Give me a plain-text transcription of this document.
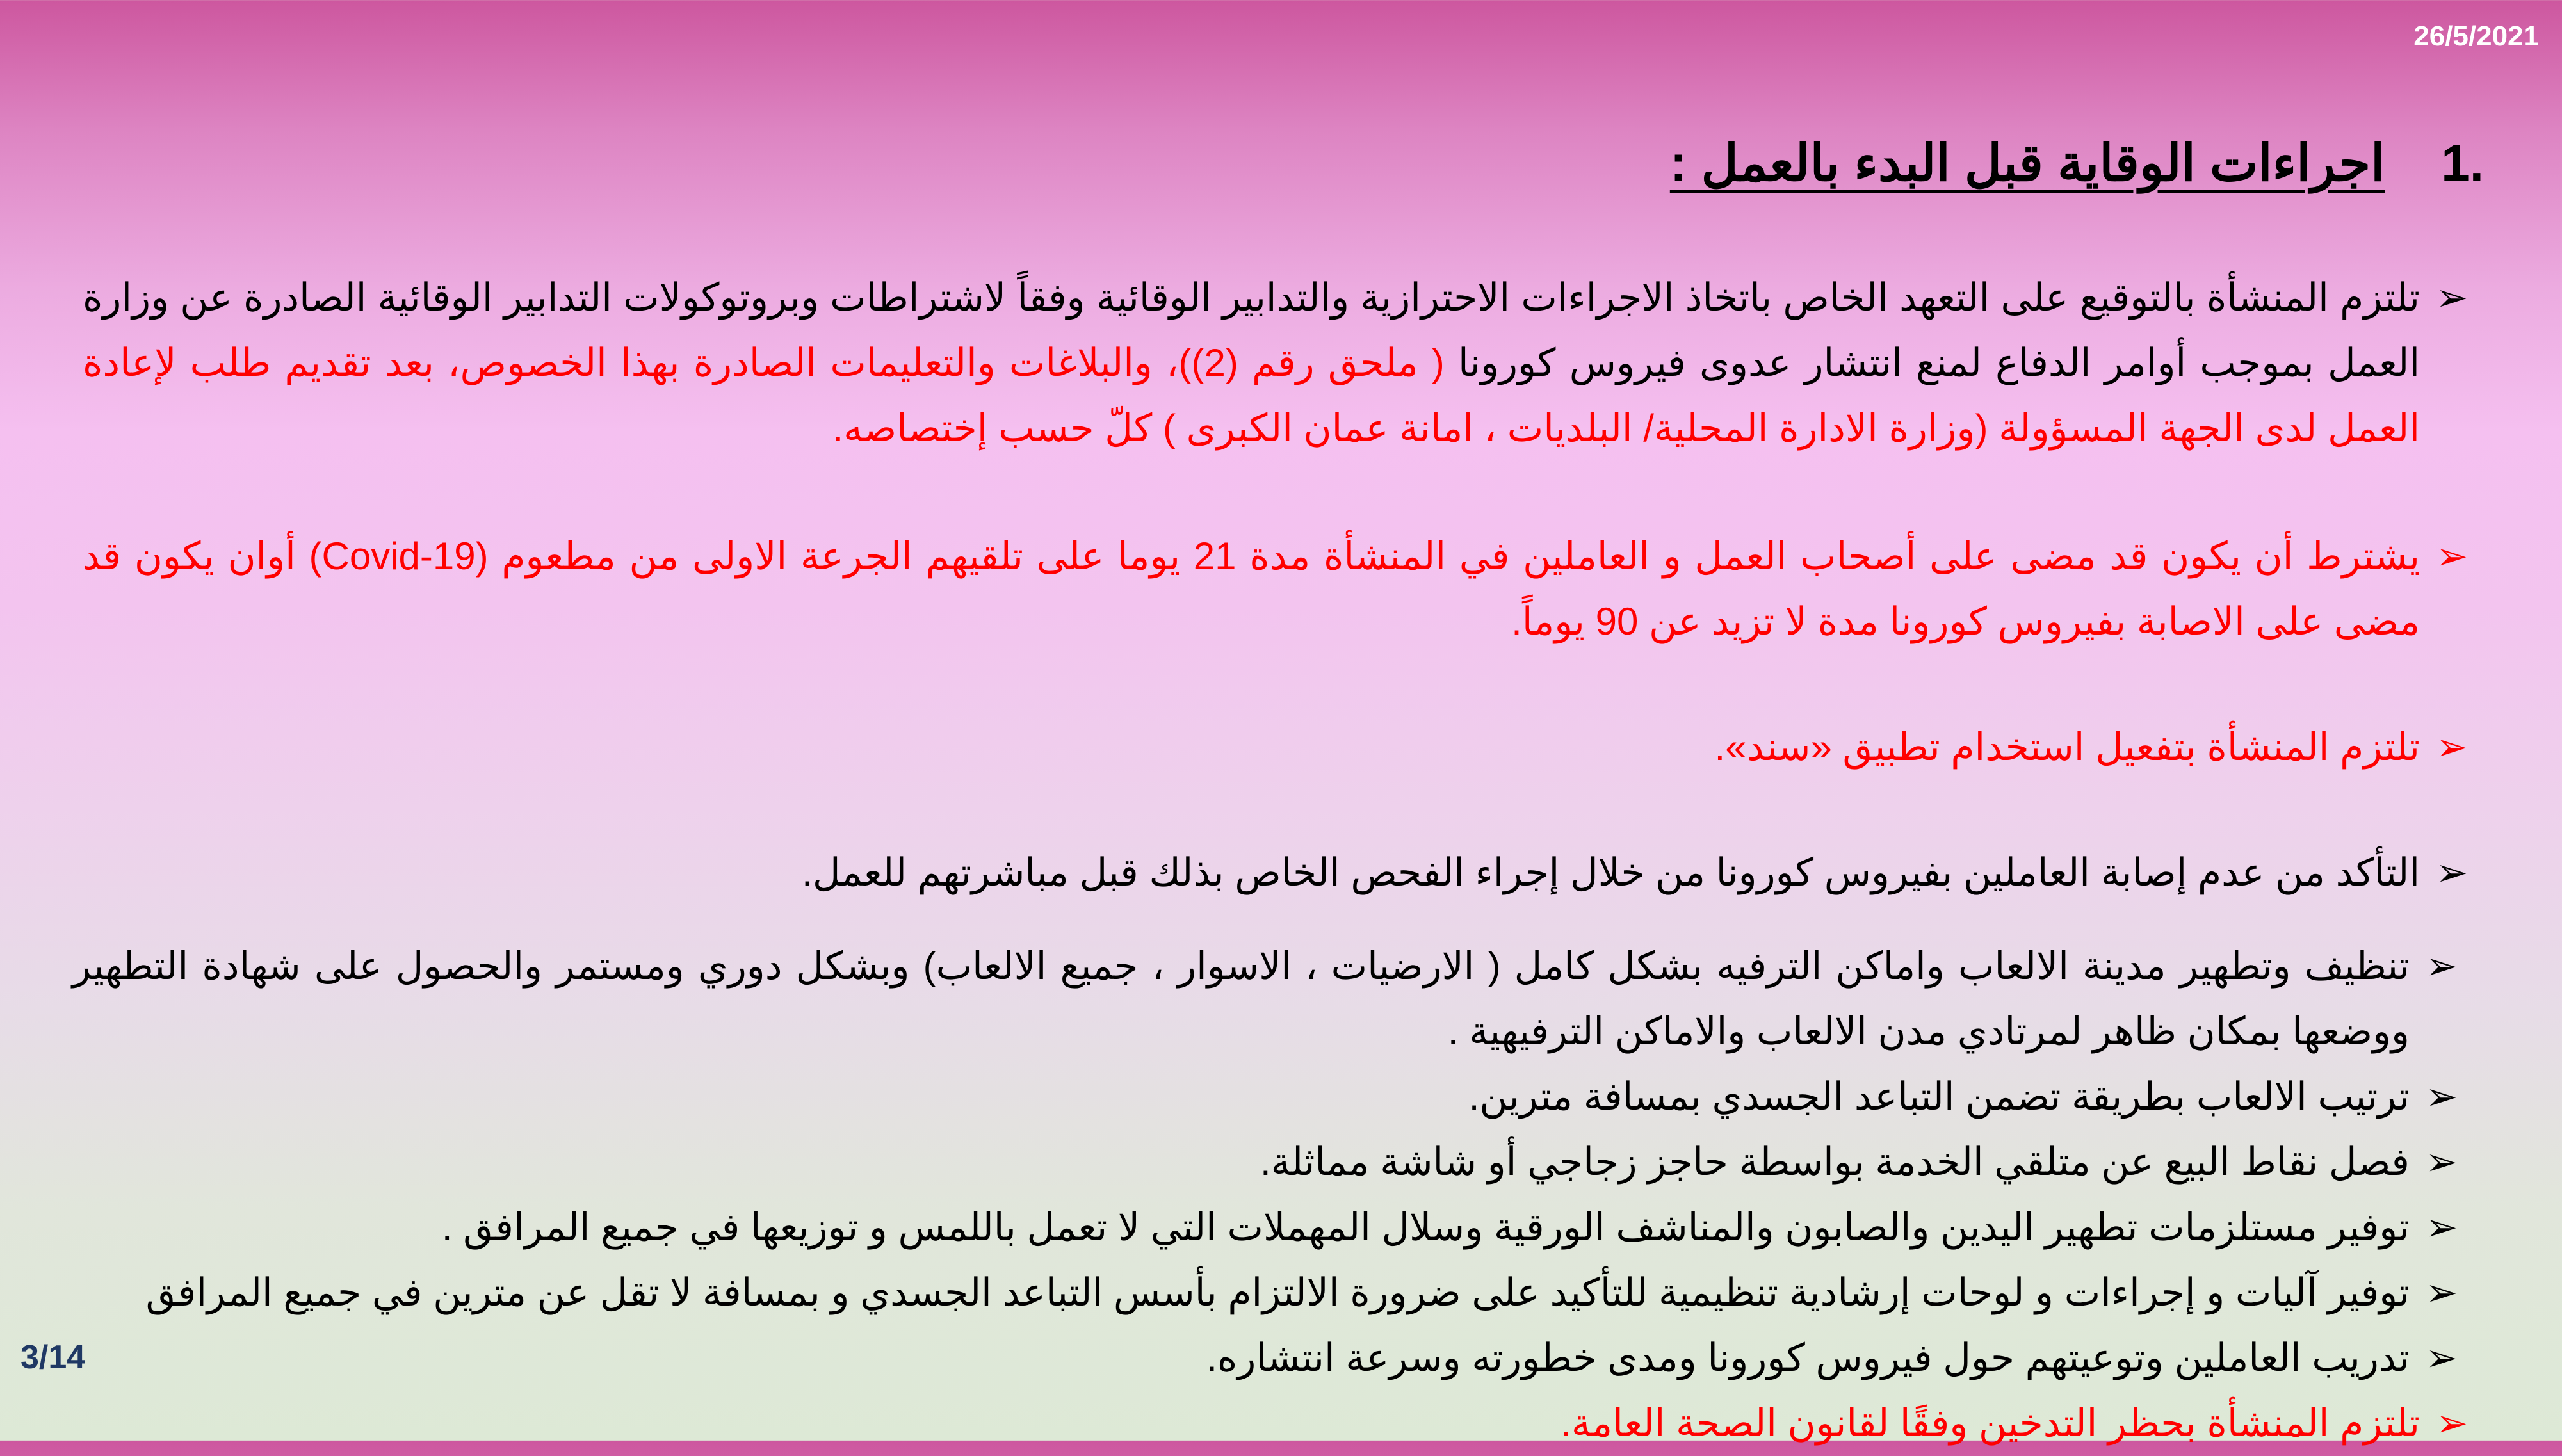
26/5/2021
3/14
.1
اجراءات الوقاية قبل البدء بالعمل :
➢
تلتزم المنشأة بالتوقيع على التعهد الخاص باتخاذ الاجراءات الاحترازية والتدابير الوقائية وفقاً لاشتراطات وبروتوكولات التدابير الوقائية الصادرة عن وزارة العمل بموجب أوامر الدفاع لمنع انتشار عدوى فيروس كورونا ( ملحق رقم (2))، والبلاغات والتعليمات الصادرة بهذا الخصوص، بعد تقديم طلب لإعادة العمل لدى الجهة المسؤولة (وزارة الادارة المحلية/ البلديات ، امانة عمان الكبرى ) كلّ حسب إختصاصه.
➢
يشترط أن يكون قد مضى على أصحاب العمل و العاملين في المنشأة مدة 21 يوما على تلقيهم الجرعة الاولى من مطعوم (Covid-19) أوان يكون قد مضى على الاصابة بفيروس كورونا مدة لا تزيد عن 90 يوماً.
➢
تلتزم المنشأة بتفعيل استخدام تطبيق «سند».
➢
التأكد من عدم إصابة العاملين بفيروس كورونا من خلال إجراء الفحص الخاص بذلك قبل مباشرتهم للعمل.
➢
تنظيف وتطهير مدينة الالعاب واماكن الترفيه بشكل كامل ( الارضيات ، الاسوار ، جميع الالعاب) وبشكل دوري ومستمر والحصول على شهادة التطهير ووضعها بمكان ظاهر لمرتادي مدن الالعاب والاماكن الترفيهية .
➢
ترتيب الالعاب بطريقة تضمن التباعد الجسدي بمسافة مترين.
➢
فصل نقاط البيع عن متلقي الخدمة بواسطة حاجز زجاجي أو شاشة مماثلة.
➢
توفير مستلزمات تطهير اليدين والصابون والمناشف الورقية وسلال المهملات التي لا تعمل باللمس و توزيعها في جميع المرافق .
➢
توفير آليات و إجراءات و لوحات إرشادية تنظيمية للتأكيد على ضرورة الالتزام بأسس التباعد الجسدي و بمسافة لا تقل عن مترين في جميع المرافق
➢
تدريب العاملين وتوعيتهم حول فيروس كورونا ومدى خطورته وسرعة انتشاره.
➢
تلتزم المنشأة بحظر التدخين وفقًا لقانون الصحة العامة.
